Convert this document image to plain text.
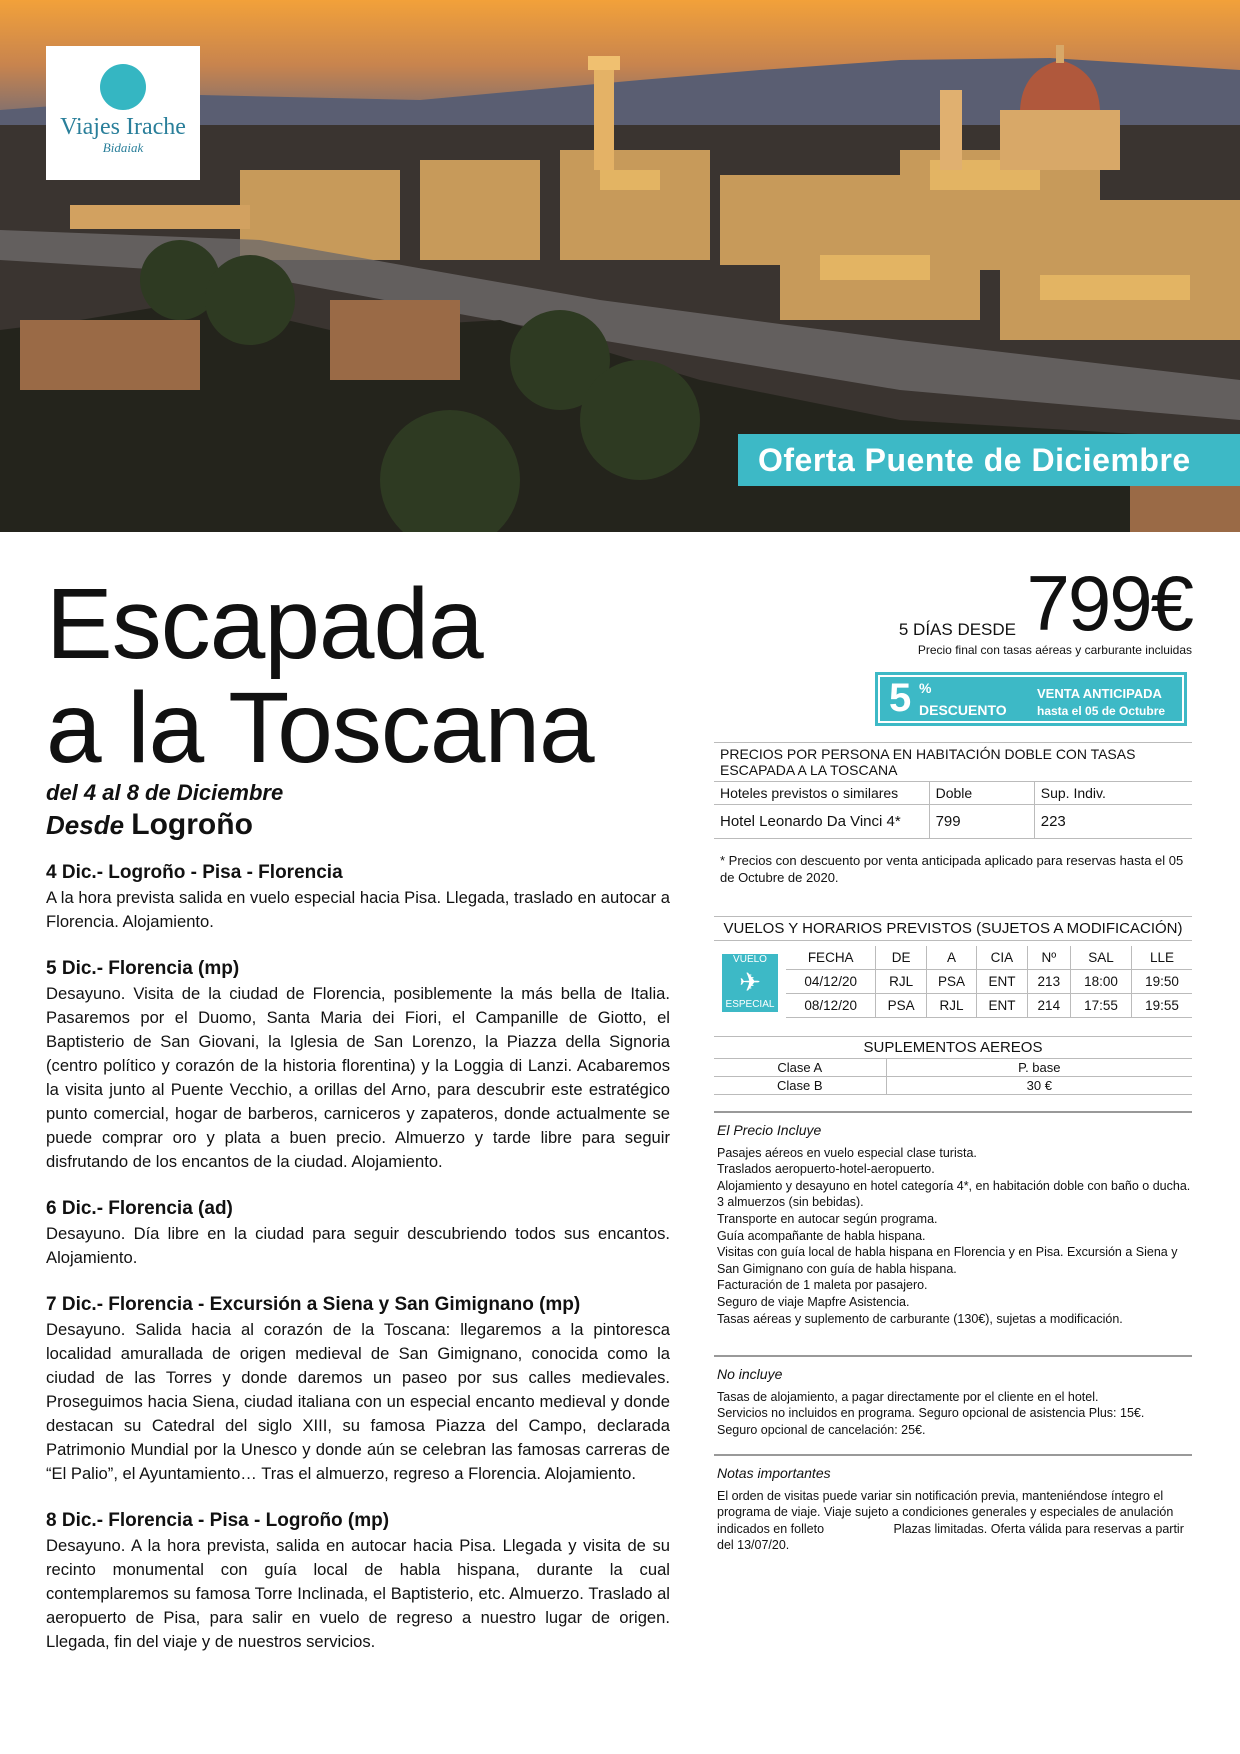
Viajes Irache
Bidaiak
Oferta Puente de Diciembre
Escapada
a la Toscana
del 4 al 8 de Diciembre
Desde Logroño
4 Dic.- Logroño - Pisa - Florencia

A la hora prevista salida en vuelo especial hacia Pisa. Llegada, traslado en autocar a Florencia. Alojamiento.

5 Dic.- Florencia (mp)

Desayuno. Visita de la ciudad de Florencia, posiblemente la más bella de Italia. Pasaremos por el Duomo, Santa Maria dei Fiori, el Campanille de Giotto, el Baptisterio de San Giovani, la Iglesia de San Lorenzo, la Piazza della Signoria (centro político y corazón de la historia florentina) y la Loggia di Lanzi. Acabaremos la visita junto al Puente Vecchio, a orillas del Arno, para descubrir este estratégico punto comercial, hogar de barberos, carniceros y zapateros, donde actualmente se puede comprar oro y plata a buen precio. Almuerzo y tarde libre para seguir disfrutando de los encantos de la ciudad. Alojamiento.

6 Dic.- Florencia (ad)

Desayuno. Día libre en la ciudad para seguir descubriendo todos sus encantos. Alojamiento.

7 Dic.- Florencia - Excursión a Siena y San Gimignano (mp)

Desayuno. Salida hacia al corazón de la Toscana: llegaremos a la pintoresca localidad amurallada de origen medieval de San Gimignano, conocida como la ciudad de las Torres y donde daremos un paseo por sus calles medievales. Proseguimos hacia Siena, ciudad italiana con un especial encanto medieval y donde destacan su Catedral del siglo XIII, su famosa Piazza del Campo, declarada Patrimonio Mundial por la Unesco y donde aún se celebran las famosas carreras de “El Palio”, el Ayuntamiento… Tras el almuerzo, regreso a Florencia. Alojamiento.

8 Dic.- Florencia - Pisa - Logroño (mp)

Desayuno. A la hora prevista, salida en autocar hacia Pisa. Llegada y visita de su recinto monumental con guía local de habla hispana, durante la cual contemplaremos su famosa Torre Inclinada, el Baptisterio, etc. Almuerzo. Traslado al aeropuerto de Pisa, para salir en vuelo de regreso a nuestro lugar de origen. Llegada, fin del viaje y de nuestros servicios.

5 DÍAS DESDE 799€
Precio final con tasas aéreas y carburante incluidas
5 %
DESCUENTO
VENTA ANTICIPADA
hasta el 05 de Octubre
PRECIOS POR PERSONA EN HABITACIÓN DOBLE CON TASAS ESCAPADA A LA TOSCANA		
Hoteles previstos o similares	Doble	Sup. Indiv.
Hotel Leonardo Da Vinci 4*	799	223
* Precios con descuento por venta anticipada aplicado para reservas hasta el 05 de Octubre de 2020.
VUELOS Y HORARIOS PREVISTOS (SUJETOS A MODIFICACIÓN)
VUELO
✈
ESPECIAL
FECHA	DE	A	CIA	Nº	SAL	LLE
04/12/20	RJL	PSA	ENT	213	18:00	19:50
08/12/20	PSA	RJL	ENT	214	17:55	19:55
SUPLEMENTOS AEREOS
Clase A	P. base
Clase B	30 €
El Precio Incluye

Pasajes aéreos en vuelo especial clase turista.

Traslados aeropuerto-hotel-aeropuerto.

Alojamiento y desayuno en hotel categoría 4*, en habitación doble con baño o ducha.

3 almuerzos (sin bebidas).

Transporte en autocar según programa.

Guía acompañante de habla hispana.

Visitas con guía local de habla hispana en Florencia y en Pisa. Excursión a Siena y San Gimignano con guía de habla hispana.

Facturación de 1 maleta por pasajero.

Seguro de viaje Mapfre Asistencia.

Tasas aéreas y suplemento de carburante (130€), sujetas a modificación.

No incluye

Tasas de alojamiento, a pagar directamente por el cliente en el hotel.

Servicios no incluidos en programa. Seguro opcional de asistencia Plus: 15€.

Seguro opcional de cancelación: 25€.

Notas importantes

El orden de visitas puede variar sin notificación previa, manteniéndose íntegro el programa de viaje. Viaje sujeto a condiciones generales y especiales de anulación indicados en folleto                    Plazas limitadas. Oferta válida para reservas a partir del 13/07/20.
